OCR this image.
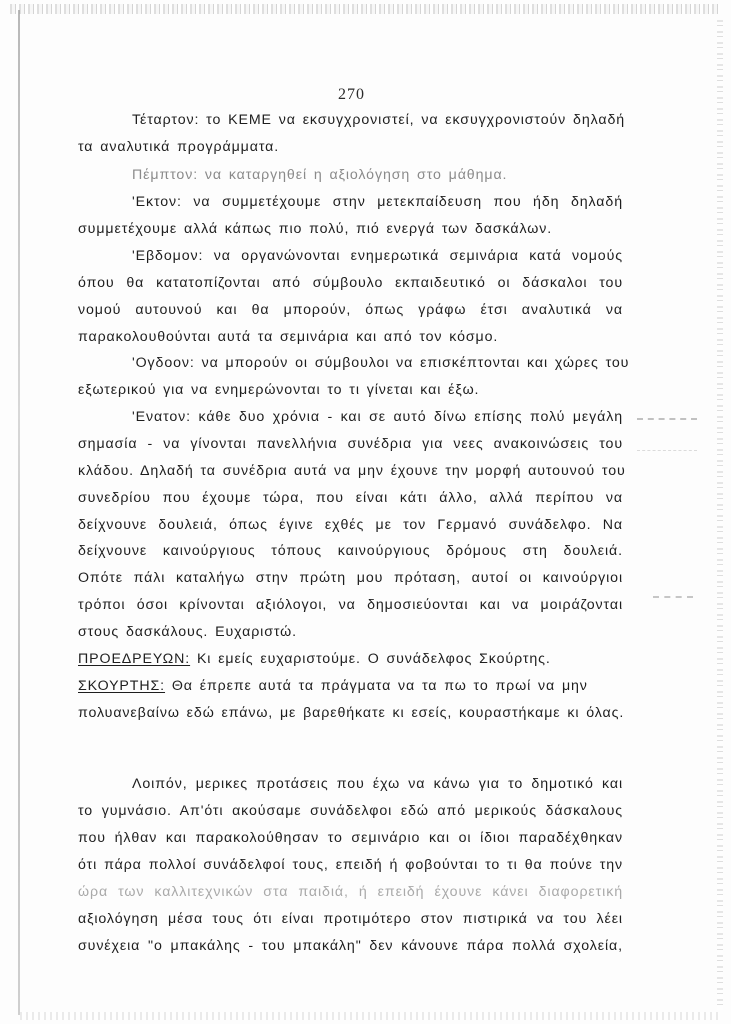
270
Τέταρτον: το ΚΕΜΕ να εκσυγχρονιστεί, να εκσυγχρονιστούν δηλαδή
τα αναλυτικά προγράμματα.
Πέμπτον: να καταργηθεί η αξιολόγηση στο μάθημα.
'Εκτον: να συμμετέχουμε στην μετεκπαίδευση που ήδη δηλαδή
συμμετέχουμε αλλά κάπως πιο πολύ, πιό ενεργά των δασκάλων.
'Εβδομον: να οργανώνονται ενημερωτικά σεμινάρια κατά νομούς
όπου θα κατατοπίζονται από σύμβουλο εκπαιδευτικό οι δάσκαλοι του
νομού αυτουνού και θα μπορούν, όπως γράφω έτσι αναλυτικά να
παρακολουθούνται αυτά τα σεμινάρια και από τον κόσμο.
'Ογδοον: να μπορούν οι σύμβουλοι να επισκέπτονται και χώρες του
εξωτερικού για να ενημερώνονται το τι γίνεται και έξω.
'Ενατον: κάθε δυο χρόνια - και σε αυτό δίνω επίσης πολύ μεγάλη
σημασία - να γίνονται πανελλήνια συνέδρια για νεες ανακοινώσεις του
κλάδου. Δηλαδή τα συνέδρια αυτά να μην έχουνε την μορφή αυτουνού του
συνεδρίου που έχουμε τώρα, που είναι κάτι άλλο, αλλά περίπου να
δείχνουνε δουλειά, όπως έγινε εχθές με τον Γερμανό συνάδελφο. Να
δείχνουνε καινούργιους τόπους καινούργιους δρόμους στη δουλειά.
Οπότε πάλι καταλήγω στην πρώτη μου πρόταση, αυτοί οι καινούργιοι
τρόποι όσοι κρίνονται αξιόλογοι, να δημοσιεύονται και να μοιράζονται
στους δασκάλους. Ευχαριστώ.
ΠΡΟΕΔΡΕΥΩΝ: Κι εμείς ευχαριστούμε. Ο συνάδελφος Σκούρτης.
ΣΚΟΥΡΤΗΣ: Θα έπρεπε αυτά τα πράγματα να τα πω το πρωί να μην
πολυανεβαίνω εδώ επάνω, με βαρεθήκατε κι εσείς, κουραστήκαμε κι όλας.
Λοιπόν, μερικες προτάσεις που έχω να κάνω για το δημοτικό και
το γυμνάσιο. Απ'ότι ακούσαμε συνάδελφοι εδώ από μερικούς δάσκαλους
που ήλθαν και παρακολούθησαν το σεμινάριο και οι ίδιοι παραδέχθηκαν
ότι πάρα πολλοί συνάδελφοί τους, επειδή ή φοβούνται το τι θα πούνε την
ώρα των καλλιτεχνικών στα παιδιά, ή επειδή έχουνε κάνει διαφορετική
αξιολόγηση μέσα τους ότι είναι προτιμότερο στον πιστιρικά να του λέει
συνέχεια "ο μπακάλης - του μπακάλη" δεν κάνουνε πάρα πολλά σχολεία,
